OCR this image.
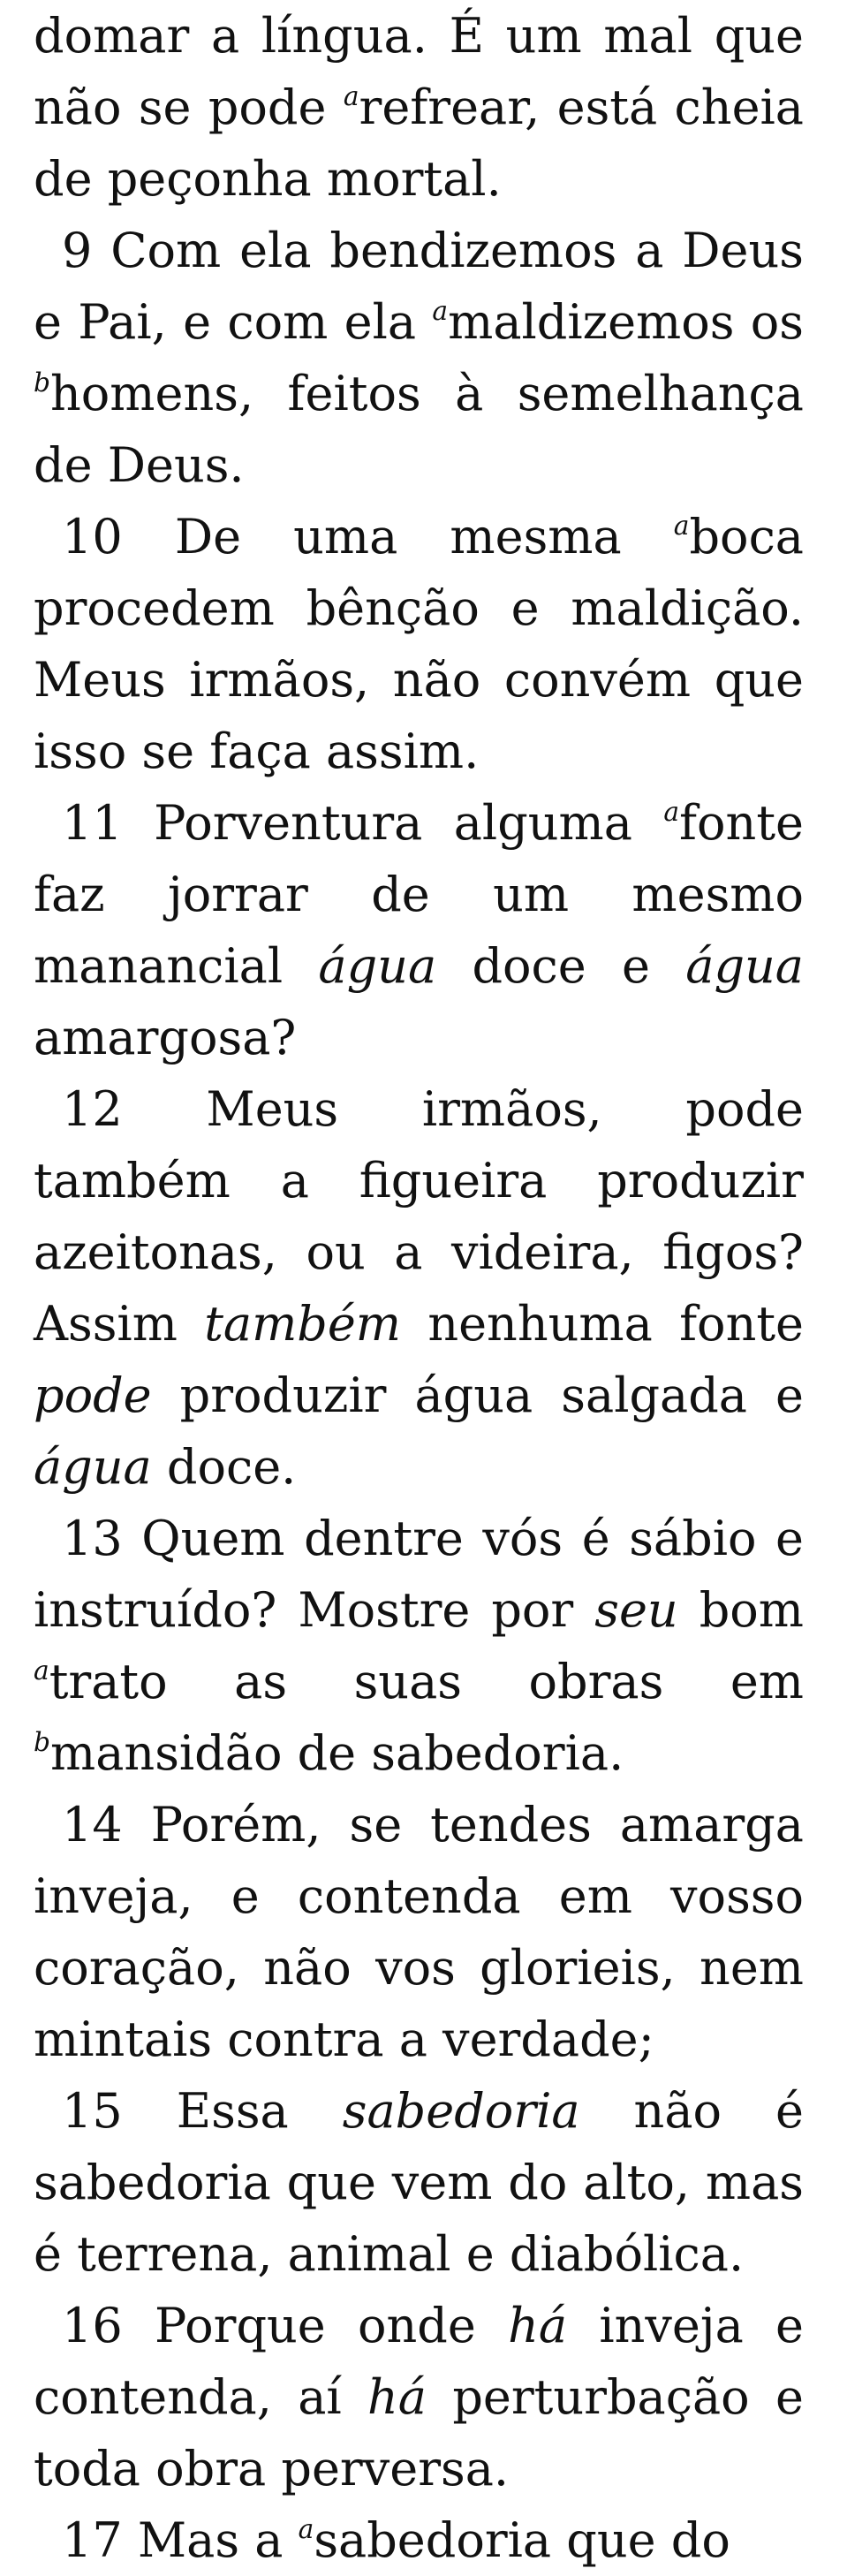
domar a língua. É um mal que não se pode $^a$refrear, está cheia de peçonha mortal.

9 Com ela bendizemos a Deus e Pai, e com ela $^a$maldizemos os $^b$homens, feitos à semelhança de Deus.

10 De uma mesma $^a$boca procedem bênção e maldição. Meus irmãos, não convém que isso se faça assim.

11 Porventura alguma $^a$fonte faz jorrar de um mesmo manancial água doce e água amargosa?

12 Meus irmãos, pode também a figueira produzir azeitonas, ou a videira, figos? Assim também nenhuma fonte pode produzir água salgada e água doce.

13 Quem dentre vós é sábio e instruído? Mostre por seu bom $^a$trato as suas obras em $^b$mansidão de sabedoria.

14 Porém, se tendes amarga inveja, e contenda em vosso coração, não vos glorieis, nem mintais contra a verdade;

15 Essa sabedoria não é sabedoria que vem do alto, mas é terrena, animal e diabólica.

16 Porque onde há inveja e contenda, aí há perturbação e toda obra perversa.

17 Mas a $^a$sabedoria que do
